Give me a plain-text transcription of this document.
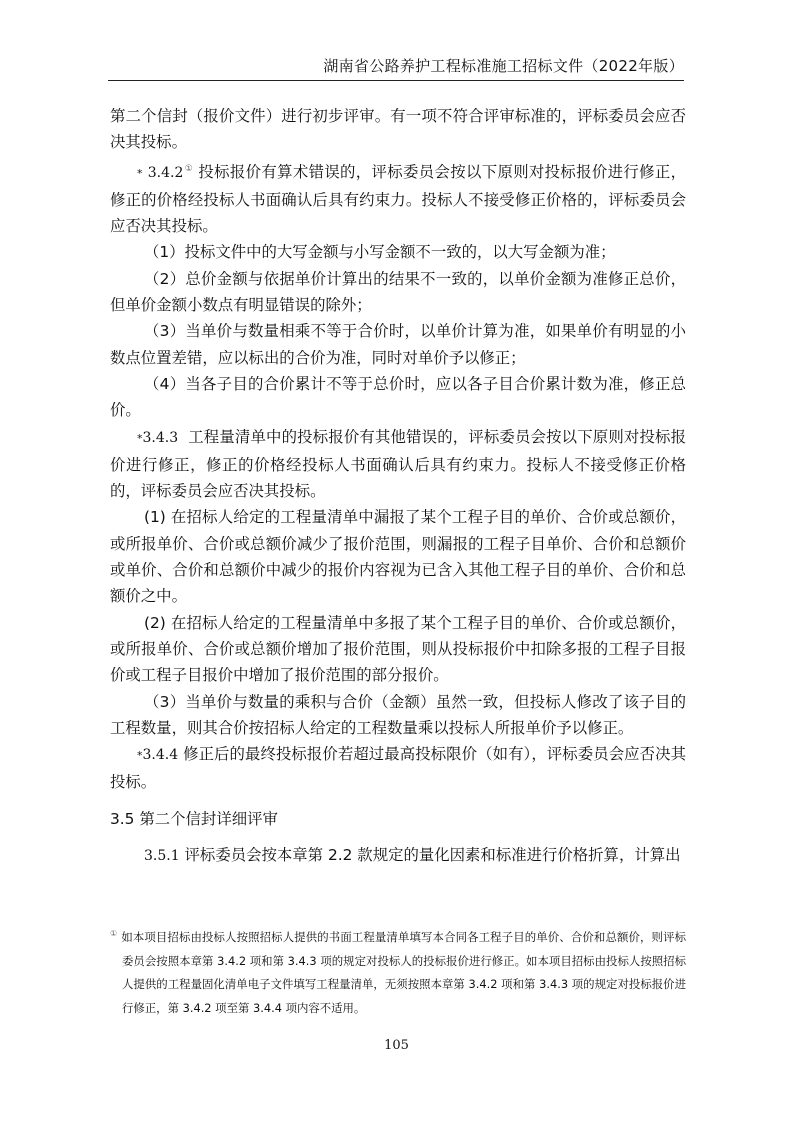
湖南省公路养护工程标准施工招标文件（2022年版）

第二个信封（报价文件）进行初步评审。有一项不符合评审标准的，评标委员会应否决其投标。

* 3.4.2① 投标报价有算术错误的，评标委员会按以下原则对投标报价进行修正，修正的价格经投标人书面确认后具有约束力。投标人不接受修正价格的，评标委员会应否决其投标。

（1）投标文件中的大写金额与小写金额不一致的，以大写金额为准；

（2）总价金额与依据单价计算出的结果不一致的，以单价金额为准修正总价，但单价金额小数点有明显错误的除外；

（3）当单价与数量相乘不等于合价时，以单价计算为准，如果单价有明显的小数点位置差错，应以标出的合价为准，同时对单价予以修正；

（4）当各子目的合价累计不等于总价时，应以各子目合价累计数为准，修正总价。

*3.4.3 工程量清单中的投标报价有其他错误的，评标委员会按以下原则对投标报价进行修正，修正的价格经投标人书面确认后具有约束力。投标人不接受修正价格的，评标委员会应否决其投标。

(1) 在招标人给定的工程量清单中漏报了某个工程子目的单价、合价或总额价，或所报单价、合价或总额价减少了报价范围，则漏报的工程子目单价、合价和总额价或单价、合价和总额价中减少的报价内容视为已含入其他工程子目的单价、合价和总额价之中。

(2) 在招标人给定的工程量清单中多报了某个工程子目的单价、合价或总额价，或所报单价、合价或总额价增加了报价范围，则从投标报价中扣除多报的工程子目报价或工程子目报价中增加了报价范围的部分报价。

（3）当单价与数量的乘积与合价（金额）虽然一致，但投标人修改了该子目的工程数量，则其合价按招标人给定的工程数量乘以投标人所报单价予以修正。

*3.4.4 修正后的最终投标报价若超过最高投标限价（如有），评标委员会应否决其投标。

3.5 第二个信封详细评审

3.5.1 评标委员会按本章第 2.2 款规定的量化因素和标准进行价格折算，计算出

① 如本项目招标由投标人按照招标人提供的书面工程量清单填写本合同各工程子目的单价、合价和总额价，则评标委员会按照本章第 3.4.2 项和第 3.4.3 项的规定对投标人的投标报价进行修正。如本项目招标由投标人按照招标人提供的工程量固化清单电子文件填写工程量清单，无须按照本章第 3.4.2 项和第 3.4.3 项的规定对投标报价进行修正，第 3.4.2 项至第 3.4.4 项内容不适用。

105
